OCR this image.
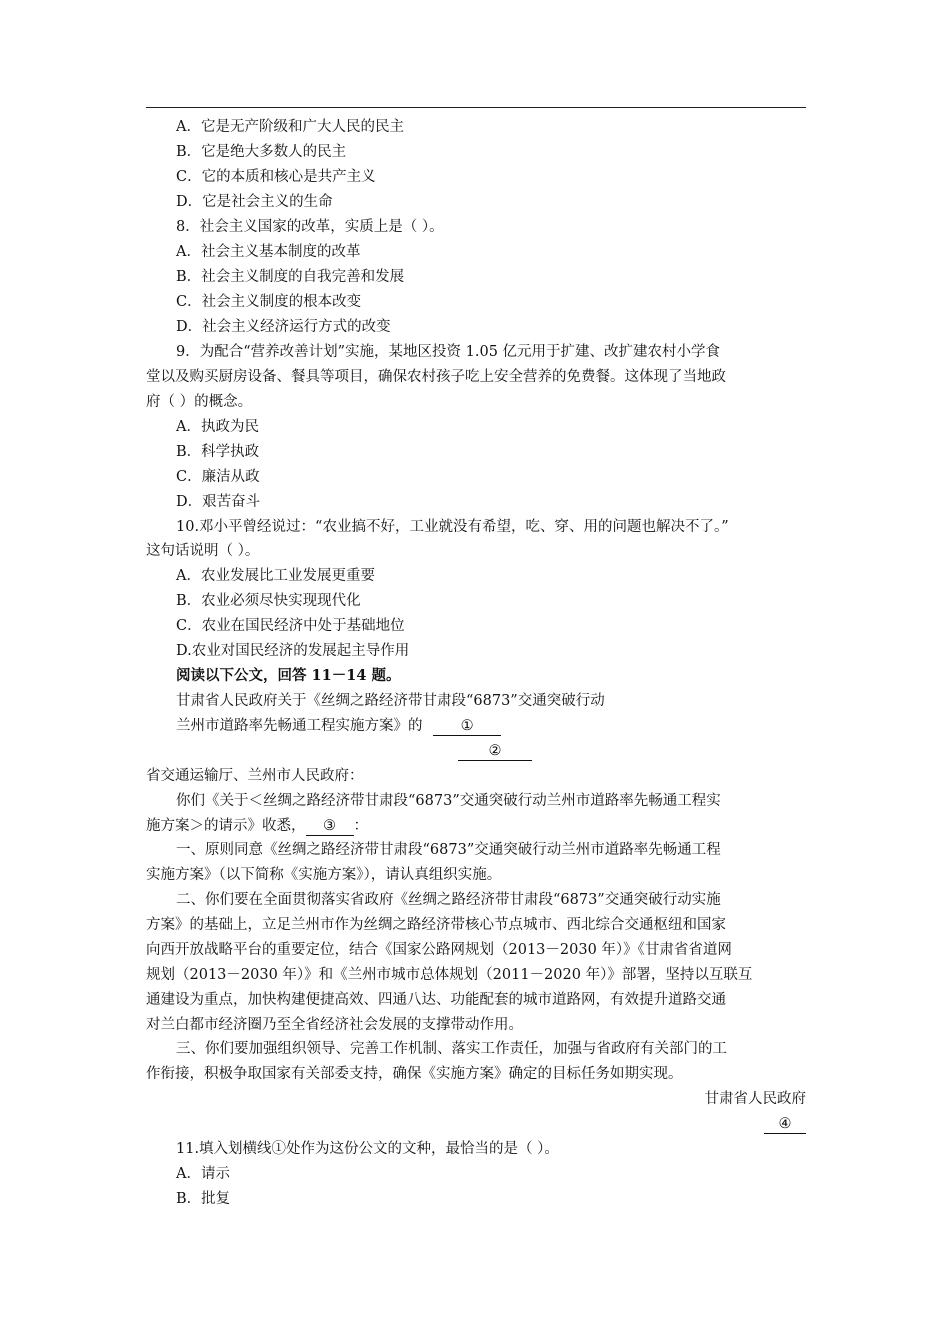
A．它是无产阶级和广大人民的民主
B．它是绝大多数人的民主
C．它的本质和核心是共产主义
D．它是社会主义的生命
8．社会主义国家的改革，实质上是（ ）。
A．社会主义基本制度的改革
B．社会主义制度的自我完善和发展
C．社会主义制度的根本改变
D．社会主义经济运行方式的改变
9．为配合“营养改善计划”实施，某地区投资 1.05 亿元用于扩建、改扩建农村小学食
堂以及购买厨房设备、餐具等项目，确保农村孩子吃上安全营养的免费餐。这体现了当地政
府（ ）的概念。
A．执政为民
B．科学执政
C．廉洁从政
D．艰苦奋斗
10.邓小平曾经说过：“农业搞不好，工业就没有希望，吃、穿、用的问题也解决不了。”
这句话说明（ ）。
A．农业发展比工业发展更重要
B．农业必须尽快实现现代化
C．农业在国民经济中处于基础地位
D.农业对国民经济的发展起主导作用
阅读以下公文，回答 11－14 题。
甘肃省人民政府关于《丝绸之路经济带甘肃段“6873”交通突破行动
兰州市道路率先畅通工程实施方案》的	①
②
省交通运输厅、兰州市人民政府：
你们《关于＜丝绸之路经济带甘肃段“6873”交通突破行动兰州市道路率先畅通工程实
施方案＞的请示》收悉， ③ ：
一、原则同意《丝绸之路经济带甘肃段“6873”交通突破行动兰州市道路率先畅通工程
实施方案》（以下简称《实施方案》），请认真组织实施。
二、你们要在全面贯彻落实省政府《丝绸之路经济带甘肃段“6873”交通突破行动实施
方案》的基础上，立足兰州市作为丝绸之路经济带核心节点城市、西北综合交通枢纽和国家
向西开放战略平台的重要定位，结合《国家公路网规划（2013－2030 年）》《甘肃省省道网
规划（2013－2030 年）》和《兰州市城市总体规划（2011－2020 年）》部署，坚持以互联互
通建设为重点，加快构建便捷高效、四通八达、功能配套的城市道路网，有效提升道路交通
对兰白都市经济圈乃至全省经济社会发展的支撑带动作用。
三、你们要加强组织领导、完善工作机制、落实工作责任，加强与省政府有关部门的工
作衔接，积极争取国家有关部委支持，确保《实施方案》确定的目标任务如期实现。
甘肃省人民政府
④
11.填入划横线①处作为这份公文的文种，最恰当的是（ ）。
A．请示
B．批复
